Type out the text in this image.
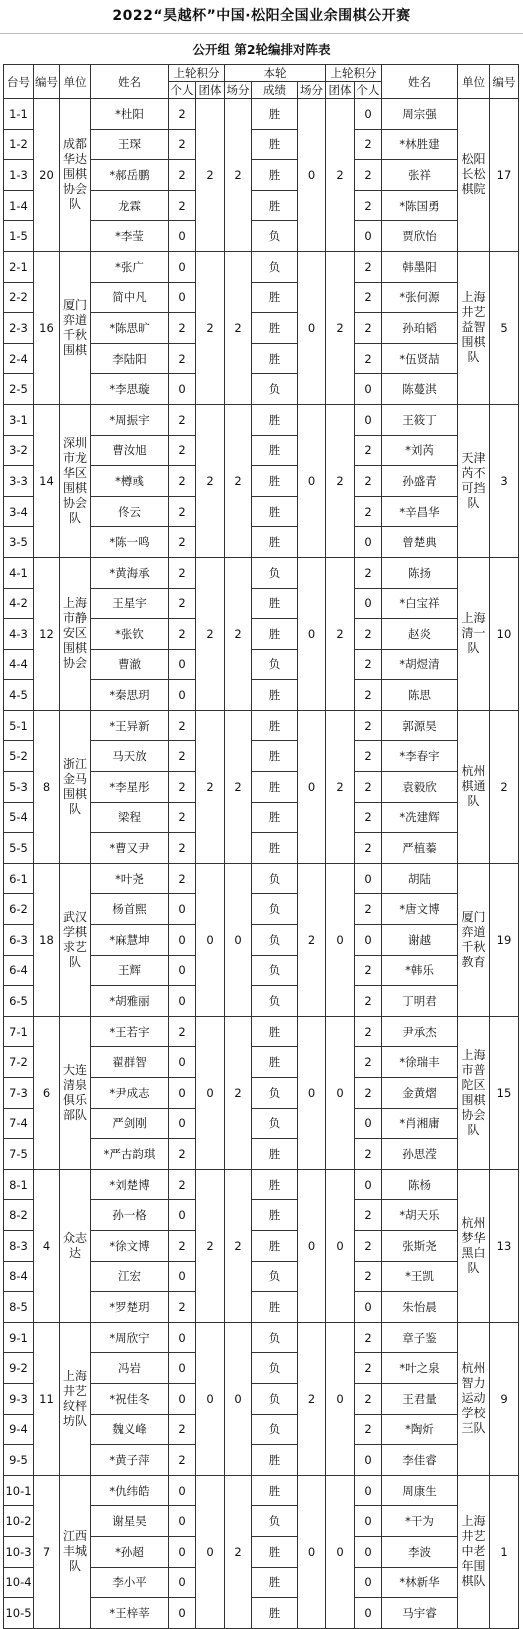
2022“昊越杯”中国·松阳全国业余围棋公开赛
公开组 第2轮编排对阵表
台号	编号	单位	姓名	上轮积分		本轮			上轮积分		姓名	单位	编号
				个人	团体	场分	成绩	场分	团体	个人			
1-1	20	成都华达围棋协会队	*杜阳	2	2	2	胜	0	2	0	周宗强	松阳长松棋院	17
1-2			王琛	2			胜			2	*林胜建		
1-3			*郝岳鹏	2			胜			2	张祥		
1-4			龙霖	2			胜			2	*陈国勇		
1-5			*李莹	0			负			0	贾欣怡		
2-1	16	厦门弈道千秋围棋	*张广	0	2	2	负	0	2	2	韩墨阳	上海井艺益智围棋队	5
2-2			简中凡	0			胜			2	*张何源		
2-3			*陈思旷	2			胜			2	孙珀韬		
2-4			李陆阳	2			胜			2	*伍贤喆		
2-5			*李思璇	0			负			0	陈蔓淇		
3-1	14	深圳市龙华区围棋协会队	*周振宇	2	2	2	胜	0	2	0	王筱丁	天津芮不可挡队	3
3-2			曹汝旭	2			胜			2	*刘芮		
3-3			*樽彧	2			胜			2	孙盛青		
3-4			佟云	2			胜			2	*辛昌华		
3-5			*陈一鸣	2			胜			0	曾楚典		
4-1	12	上海市静安区围棋协会	*黄海承	2	2	2	负	0	2	2	陈扬	上海清一队	10
4-2			王星宇	2			胜			0	*白宝祥		
4-3			*张钦	2			胜			2	赵炎		
4-4			曹澈	0			负			2	*胡煜清		
4-5			*秦思玥	0			胜			2	陈思		
5-1	8	浙江金马围棋队	*王异新	2	2	2	胜	0	2	2	郭源昊	杭州棋通队	2
5-2			马天放	2			胜			2	*李春宇		
5-3			*李星彤	2			胜			2	袁毅欣		
5-4			梁程	2			胜			2	*冼建辉		
5-5			*曹又尹	2			胜			2	严植蓁		
6-1	18	武汉学棋求艺队	*叶尧	2	0	0	负	2	0	0	胡陆	厦门弈道千秋教育	19
6-2			杨首熙	0			负			2	*唐文博		
6-3			*麻慧坤	0			负			0	谢越		
6-4			王辉	0			负			2	*韩乐		
6-5			*胡雅丽	0			负			2	丁明君		
7-1	6	大连清泉俱乐部队	*王若宇	2	0	2	胜	0	0	2	尹承杰	上海市普陀区围棋协会队	15
7-2			翟群智	0			胜			2	*徐瑞丰		
7-3			*尹成志	0			负			2	金黄熠		
7-4			严剑刚	0			负			0	*肖湘庸		
7-5			*严古韵琪	2			胜			2	孙思滢		
8-1	4	众志达	*刘楚博	2	2	2	胜	0	0	0	陈杨	杭州梦华黑白队	13
8-2			孙一格	0			胜			2	*胡天乐		
8-3			*徐文博	2			胜			2	张斯尧		
8-4			江宏	0			负			2	*王凯		
8-5			*罗楚玥	2			胜			0	朱怡晨		
9-1	11	上海井艺纹枰坊队	*周欣宁	0	0	0	负	2	0	2	章子鉴	杭州智力运动学校三队	9
9-2			冯岩	0			负			2	*叶之泉		
9-3			*祝佳冬	0			负			2	王君量		
9-4			魏义峰	2			负			2	*陶炘		
9-5			*黄子萍	2			胜			0	李佳睿		
10-1	7	江西丰城队	*仇纬皓	0	0	2	胜	0	0	0	周康生	上海井艺中老年围棋队	1
10-2			谢星昊	0			负			0	*干为		
10-3			*孙超	0			胜			0	李波		
10-4			李小平	0			胜			0	*林新华		
10-5			*王梓莘	0			胜			0	马宇睿		
